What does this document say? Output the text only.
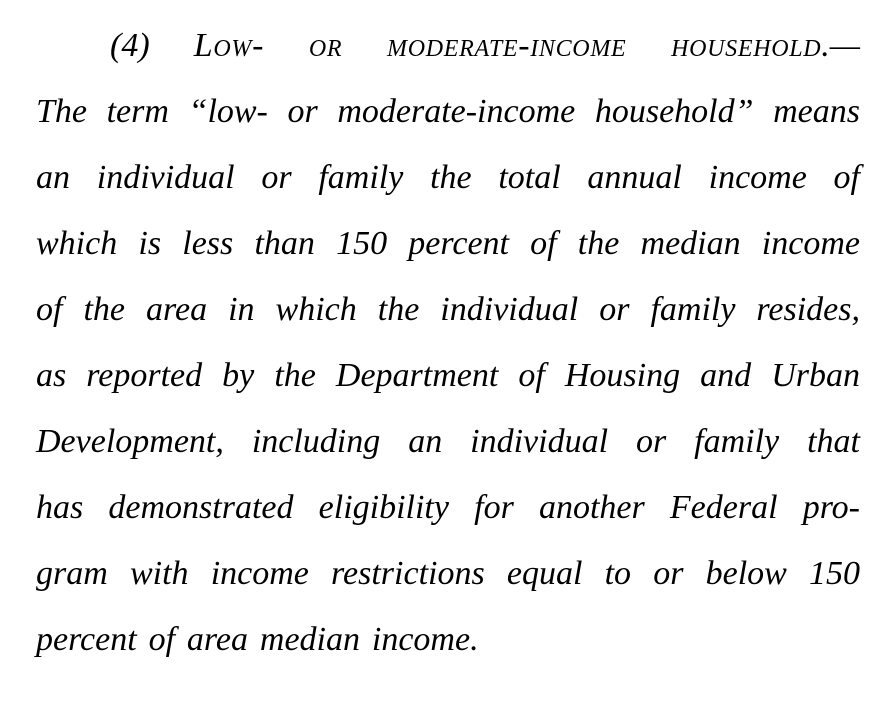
(4) Low- or moderate-income household.—
The term “low- or moderate-income household” means
an individual or family the total annual income of
which is less than 150 percent of the median income
of the area in which the individual or family resides,
as reported by the Department of Housing and Urban
Development, including an individual or family that
has demonstrated eligibility for another Federal pro-
gram with income restrictions equal to or below 150
percent of area median income.
